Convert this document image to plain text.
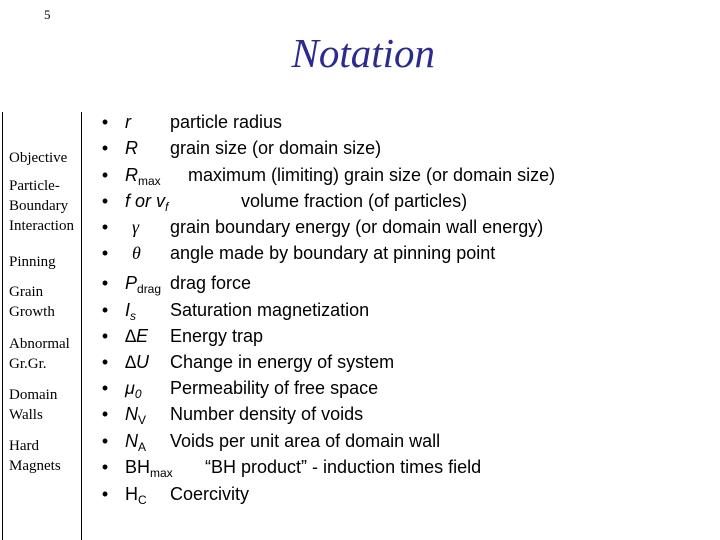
5
Notation
Objective
Particle-
Boundary
Interaction
Pinning
Grain
Growth
Abnormal
Gr.Gr.
Domain
Walls
Hard
Magnets
• r particle radius
• R grain size (or domain size)
• $R_{max}$ maximum (limiting) grain size (or domain size)
• f or $v_f$	volume fraction (of particles)
• γ grain boundary energy (or domain wall energy)
• θ angle made by boundary at pinning point
• $P_{drag}$ drag force
• $I_s$ Saturation magnetization
• ∆E Energy trap
• ∆U Change in energy of system
• $\mu_0$ Permeability of free space
• $N_V$ Number density of voids
• $N_A$ Voids per unit area of domain wall
• $BH_{max}$ “BH product” - induction times field
• $H_C$ Coercivity
